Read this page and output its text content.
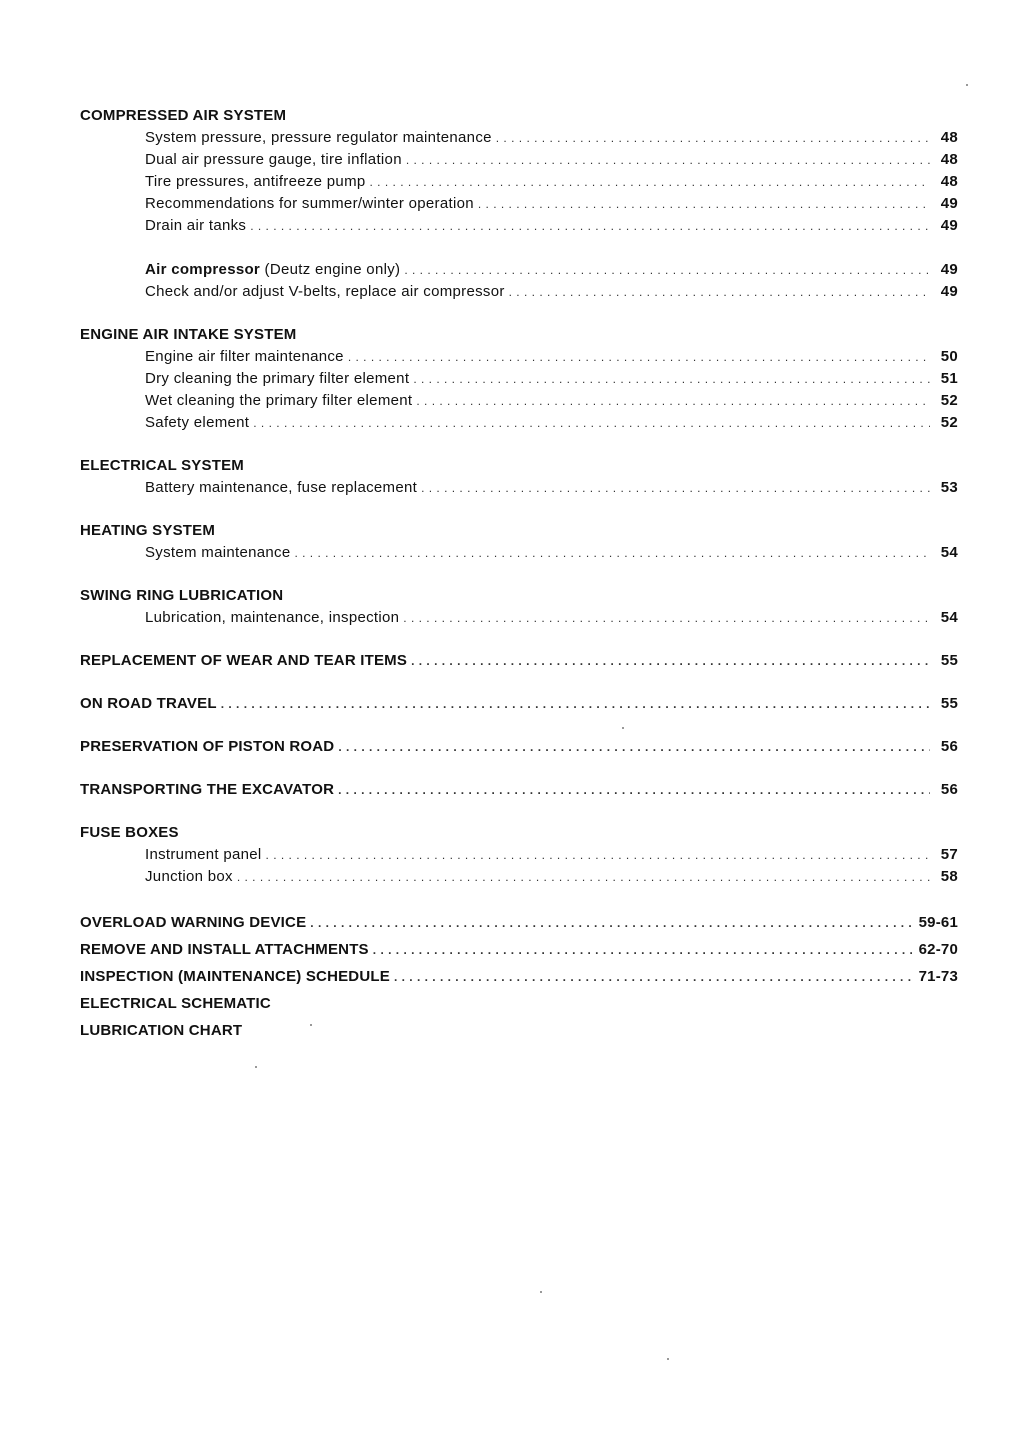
COMPRESSED AIR SYSTEM
System pressure, pressure regulator maintenance . . .	48
Dual air pressure gauge, tire inflation . . .	48
Tire pressures, antifreeze pump . . .	48
Recommendations for summer/winter operation . . .	49
Drain air tanks . . .	49
Air compressor (Deutz engine only) . . .	49
Check and/or adjust V-belts, replace air compressor . . .	49
ENGINE AIR INTAKE SYSTEM
Engine air filter maintenance . . .	50
Dry cleaning the primary filter element . . .	51
Wet cleaning the primary filter element . . .	52
Safety element . . .	52
ELECTRICAL SYSTEM
Battery maintenance, fuse replacement . . .	53
HEATING SYSTEM
System maintenance . . .	54
SWING RING LUBRICATION
Lubrication, maintenance, inspection . . .	54
REPLACEMENT OF WEAR AND TEAR ITEMS . . .	55
ON ROAD TRAVEL . . .	55
PRESERVATION OF PISTON ROAD . . .	56
TRANSPORTING THE EXCAVATOR . . .	56
FUSE BOXES
Instrument panel . . .	57
Junction box . . .	58
OVERLOAD WARNING DEVICE . . .	59-61
REMOVE AND INSTALL ATTACHMENTS . . .	62-70
INSPECTION (MAINTENANCE) SCHEDULE . . .	71-73
ELECTRICAL SCHEMATIC
LUBRICATION CHART
